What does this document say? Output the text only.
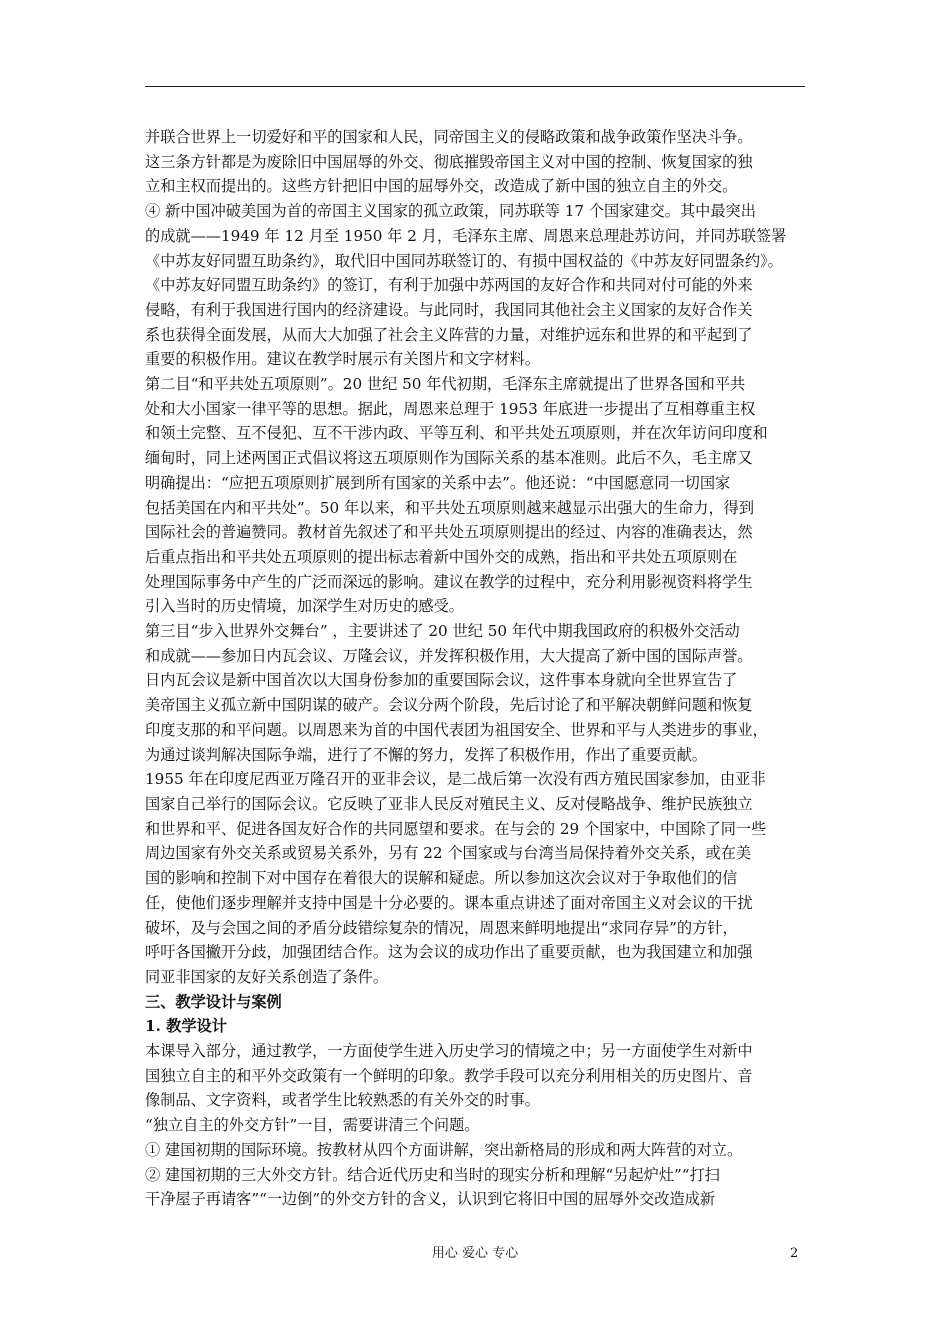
并联合世界上一切爱好和平的国家和人民，同帝国主义的侵略政策和战争政策作坚决斗争。

这三条方针都是为废除旧中国屈辱的外交、彻底摧毁帝国主义对中国的控制、恢复国家的独

立和主权而提出的。这些方针把旧中国的屈辱外交，改造成了新中国的独立自主的外交。

④ 新中国冲破美国为首的帝国主义国家的孤立政策，同苏联等 17 个国家建交。其中最突出

的成就——1949 年 12 月至 1950 年 2 月，毛泽东主席、周恩来总理赴苏访问，并同苏联签署

《中苏友好同盟互助条约》，取代旧中国同苏联签订的、有损中国权益的《中苏友好同盟条约》。

《中苏友好同盟互助条约》的签订，有利于加强中苏两国的友好合作和共同对付可能的外来

侵略，有利于我国进行国内的经济建设。与此同时，我国同其他社会主义国家的友好合作关

系也获得全面发展，从而大大加强了社会主义阵营的力量，对维护远东和世界的和平起到了

重要的积极作用。建议在教学时展示有关图片和文字材料。

第二目“和平共处五项原则”。20 世纪 50 年代初期，毛泽东主席就提出了世界各国和平共

处和大小国家一律平等的思想。据此，周恩来总理于 1953 年底进一步提出了互相尊重主权

和领土完整、互不侵犯、互不干涉内政、平等互利、和平共处五项原则，并在次年访问印度和

缅甸时，同上述两国正式倡议将这五项原则作为国际关系的基本准则。此后不久，毛主席又

明确提出：“应把五项原则扩展到所有国家的关系中去”。他还说：“中国愿意同一切国家

包括美国在内和平共处”。50 年以来，和平共处五项原则越来越显示出强大的生命力，得到

国际社会的普遍赞同。教材首先叙述了和平共处五项原则提出的经过、内容的准确表达，然

后重点指出和平共处五项原则的提出标志着新中国外交的成熟，指出和平共处五项原则在

处理国际事务中产生的广泛而深远的影响。建议在教学的过程中，充分利用影视资料将学生

引入当时的历史情境，加深学生对历史的感受。

第三目“步入世界外交舞台” ，主要讲述了 20 世纪 50 年代中期我国政府的积极外交活动

和成就——参加日内瓦会议、万隆会议，并发挥积极作用，大大提高了新中国的国际声誉。

日内瓦会议是新中国首次以大国身份参加的重要国际会议，这件事本身就向全世界宣告了

美帝国主义孤立新中国阴谋的破产。会议分两个阶段，先后讨论了和平解决朝鲜问题和恢复

印度支那的和平问题。以周恩来为首的中国代表团为祖国安全、世界和平与人类进步的事业，

为通过谈判解决国际争端，进行了不懈的努力，发挥了积极作用，作出了重要贡献。

1955 年在印度尼西亚万隆召开的亚非会议，是二战后第一次没有西方殖民国家参加，由亚非

国家自己举行的国际会议。它反映了亚非人民反对殖民主义、反对侵略战争、维护民族独立

和世界和平、促进各国友好合作的共同愿望和要求。在与会的 29 个国家中，中国除了同一些

周边国家有外交关系或贸易关系外，另有 22 个国家或与台湾当局保持着外交关系，或在美

国的影响和控制下对中国存在着很大的误解和疑虑。所以参加这次会议对于争取他们的信

任，使他们逐步理解并支持中国是十分必要的。课本重点讲述了面对帝国主义对会议的干扰

破坏，及与会国之间的矛盾分歧错综复杂的情况，周恩来鲜明地提出“求同存异”的方针，

呼吁各国撇开分歧，加强团结合作。这为会议的成功作出了重要贡献，也为我国建立和加强

同亚非国家的友好关系创造了条件。

三、教学设计与案例

1. 教学设计

本课导入部分，通过教学，一方面使学生进入历史学习的情境之中；另一方面使学生对新中

国独立自主的和平外交政策有一个鲜明的印象。教学手段可以充分利用相关的历史图片、音

像制品、文字资料，或者学生比较熟悉的有关外交的时事。

“独立自主的外交方针”一目，需要讲清三个问题。

① 建国初期的国际环境。按教材从四个方面讲解，突出新格局的形成和两大阵营的对立。

② 建国初期的三大外交方针。结合近代历史和当时的现实分析和理解“另起炉灶”“打扫

干净屋子再请客”“一边倒”的外交方针的含义，认识到它将旧中国的屈辱外交改造成新

用心 爱心 专心	2
